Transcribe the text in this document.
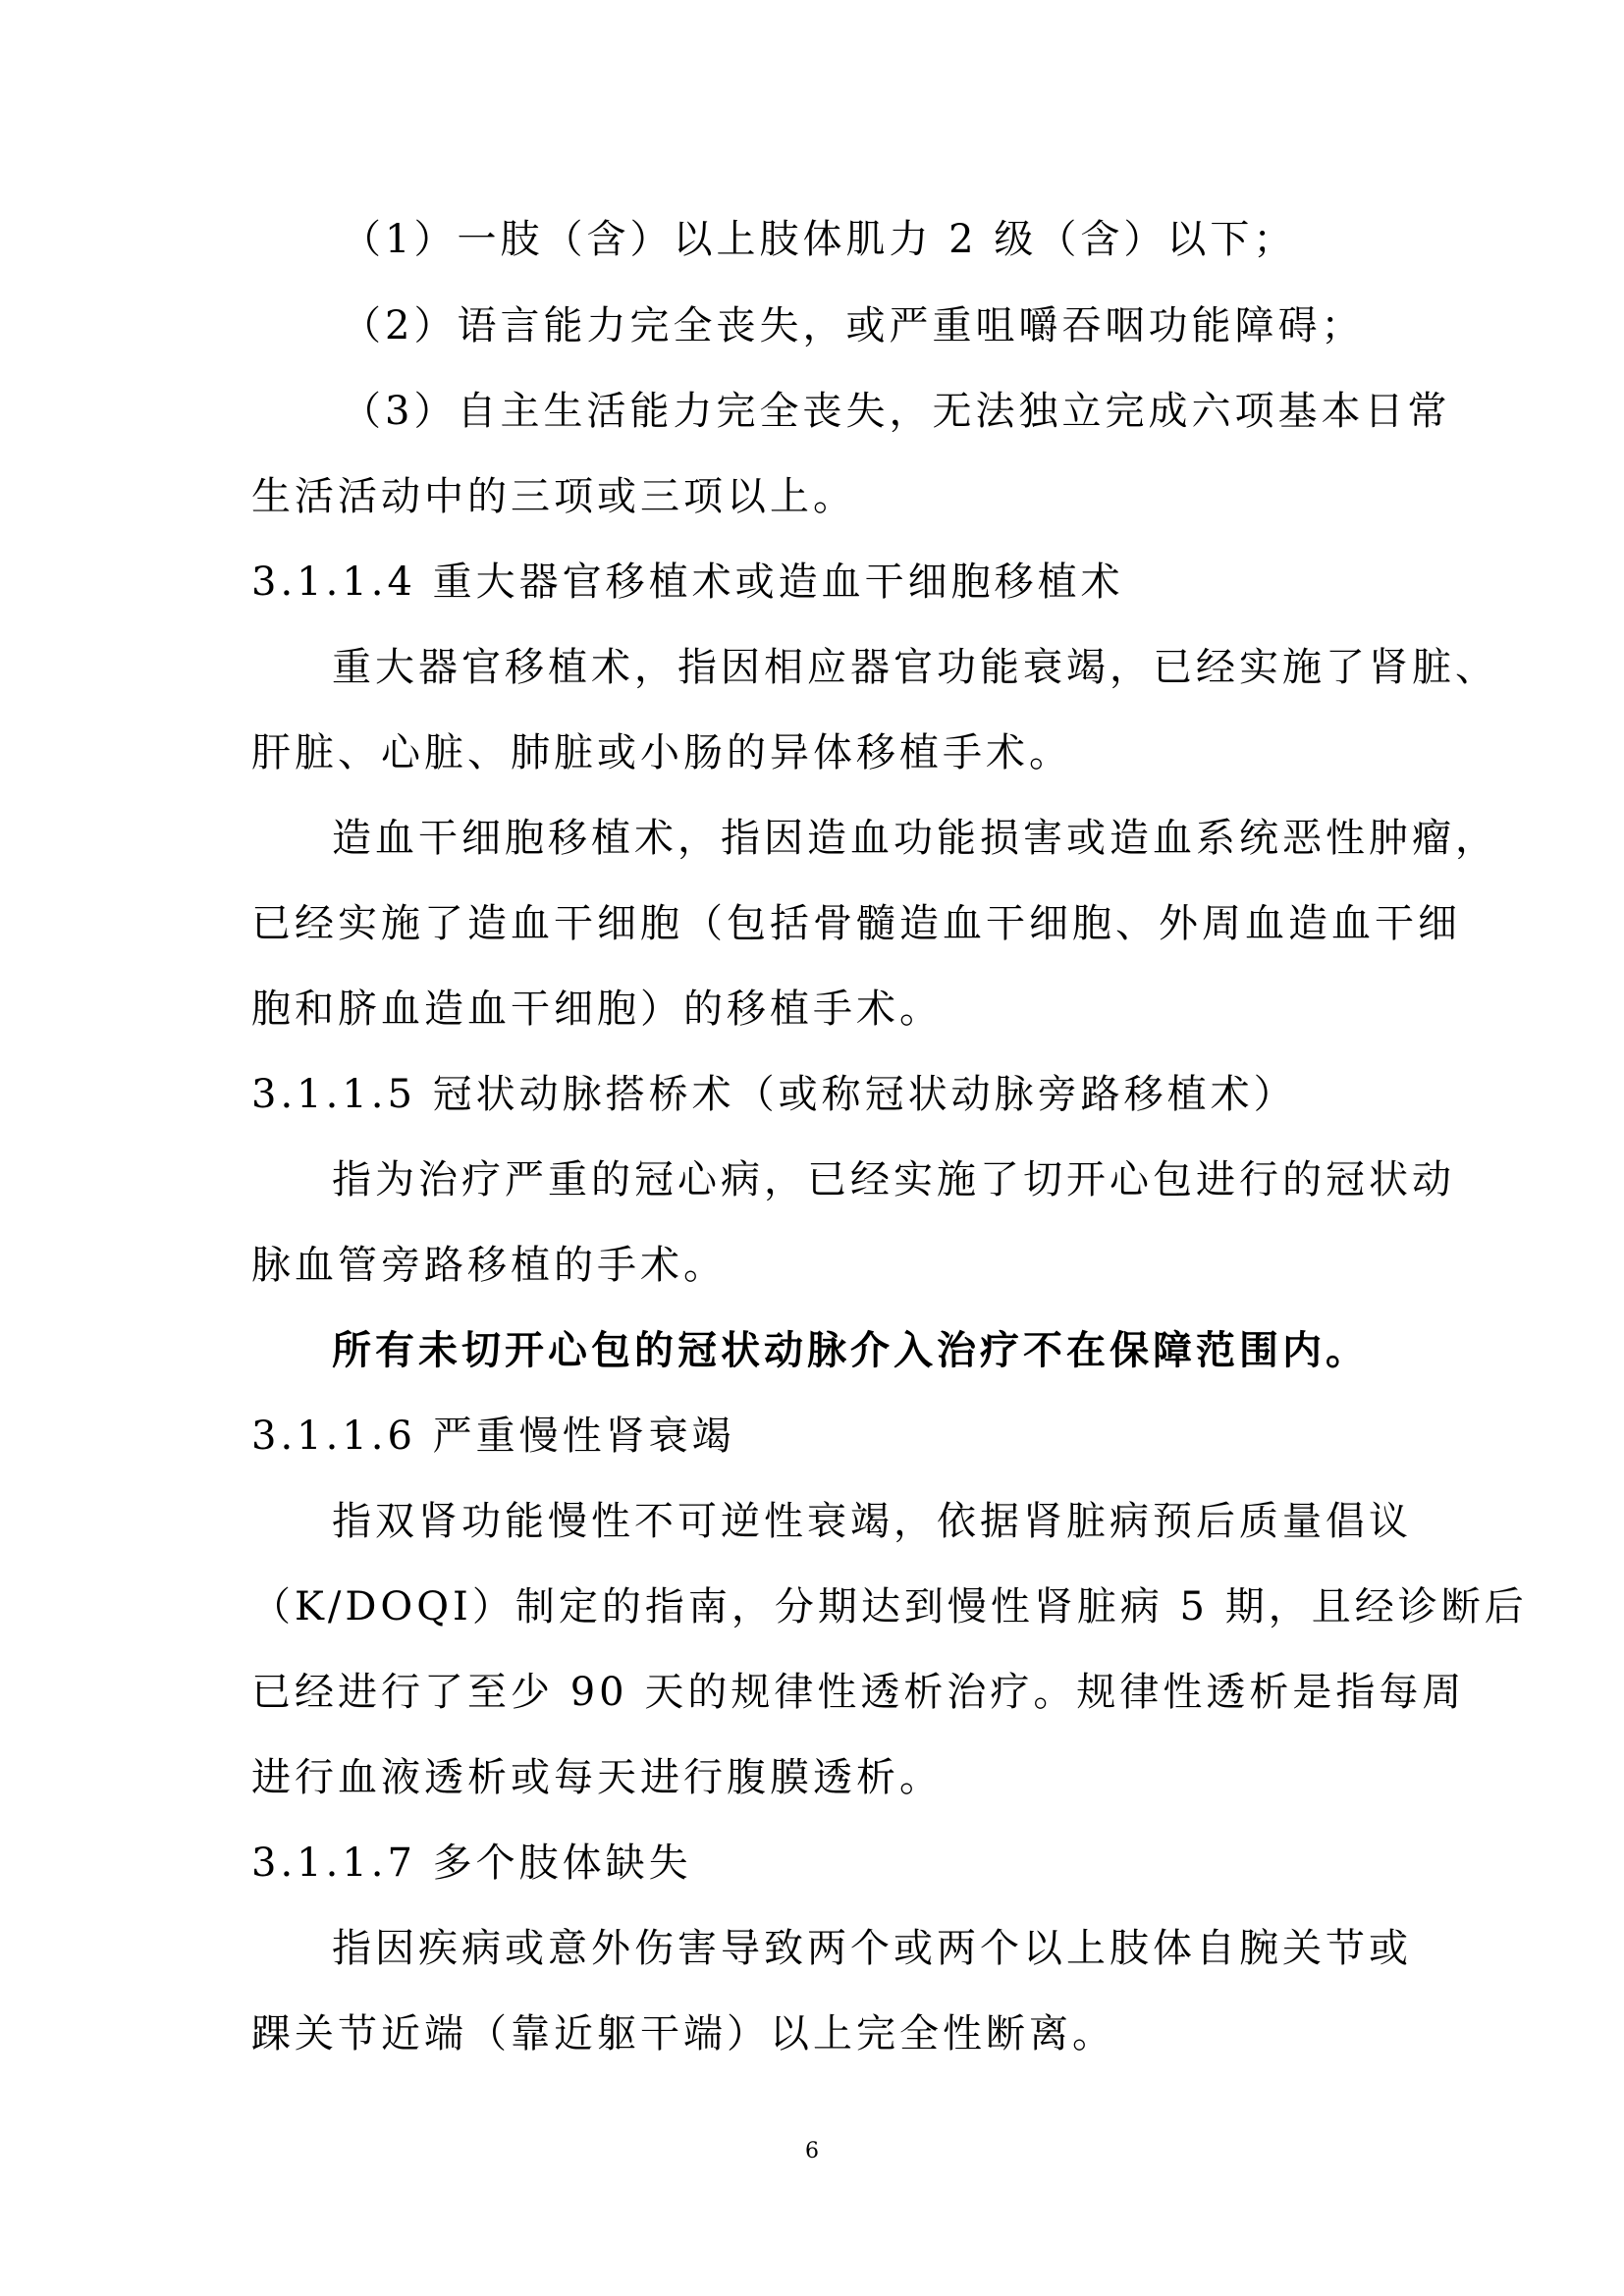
（1）一肢（含）以上肢体肌力 2 级（含）以下；
（2）语言能力完全丧失，或严重咀嚼吞咽功能障碍；
（3）自主生活能力完全丧失，无法独立完成六项基本日常
生活活动中的三项或三项以上。
3.1.1.4 重大器官移植术或造血干细胞移植术
重大器官移植术，指因相应器官功能衰竭，已经实施了肾脏、
肝脏、心脏、肺脏或小肠的异体移植手术。
造血干细胞移植术，指因造血功能损害或造血系统恶性肿瘤，
已经实施了造血干细胞（包括骨髓造血干细胞、外周血造血干细
胞和脐血造血干细胞）的移植手术。
3.1.1.5 冠状动脉搭桥术（或称冠状动脉旁路移植术）
指为治疗严重的冠心病，已经实施了切开心包进行的冠状动
脉血管旁路移植的手术。
所有未切开心包的冠状动脉介入治疗不在保障范围内。
3.1.1.6 严重慢性肾衰竭
指双肾功能慢性不可逆性衰竭，依据肾脏病预后质量倡议
（K/DOQI）制定的指南，分期达到慢性肾脏病 5 期，且经诊断后
已经进行了至少 90 天的规律性透析治疗。规律性透析是指每周
进行血液透析或每天进行腹膜透析。
3.1.1.7 多个肢体缺失
指因疾病或意外伤害导致两个或两个以上肢体自腕关节或
踝关节近端（靠近躯干端）以上完全性断离。
6
